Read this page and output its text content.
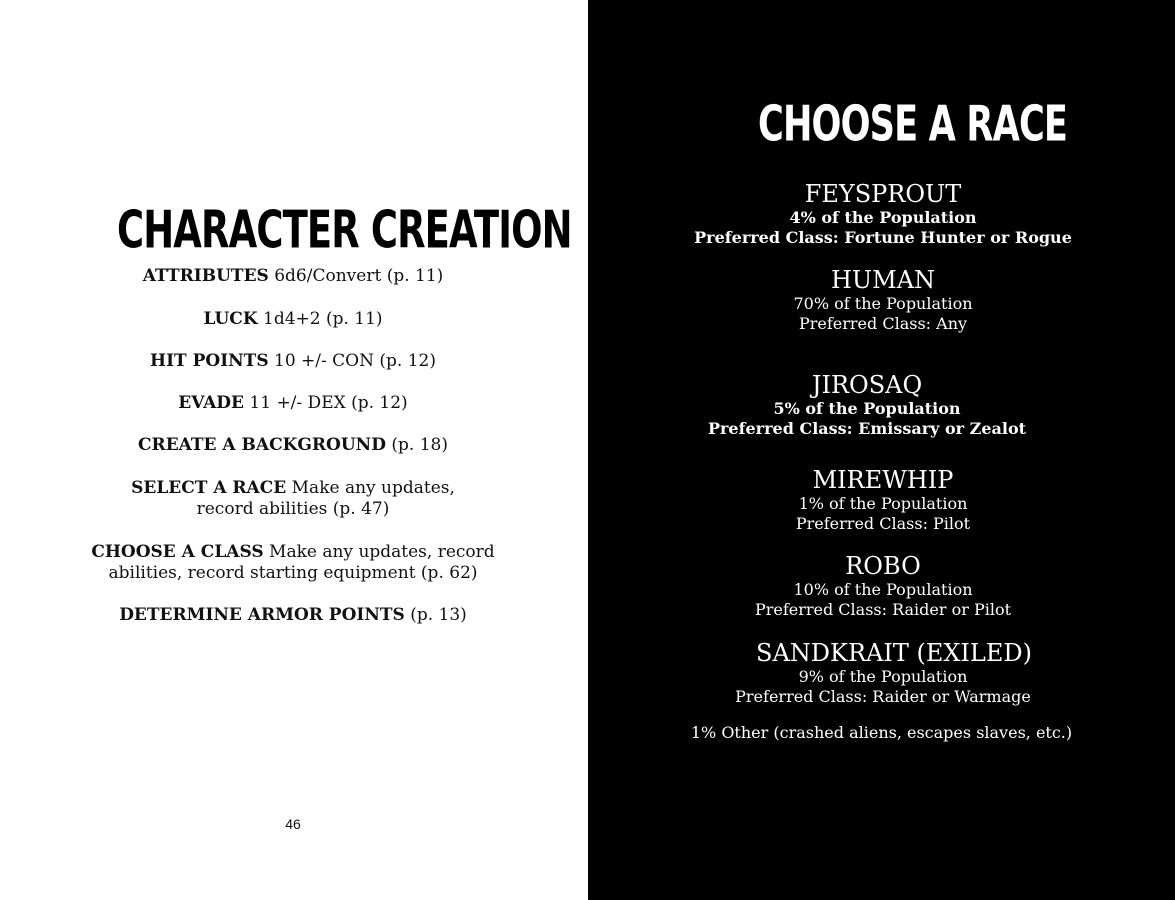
CHARACTER CREATION
ATTRIBUTES 6d6/Convert (p. 11)
LUCK 1d4+2 (p. 11)
HIT POINTS 10 +/- CON (p. 12)
EVADE 11 +/- DEX (p. 12)
CREATE A BACKGROUND (p. 18)
SELECT A RACE Make any updates, record abilities (p. 47)
CHOOSE A CLASS Make any updates, record abilities, record starting equipment (p. 62)
DETERMINE ARMOR POINTS (p. 13)
46
CHOOSE A RACE
FEYSPROUT
4% of the Population
Preferred Class: Fortune Hunter or Rogue
HUMAN
70% of the Population
Preferred Class: Any
JIROSAQ
5% of the Population
Preferred Class: Emissary or Zealot
MIREWHIP
1% of the Population
Preferred Class: Pilot
ROBO
10% of the Population
Preferred Class: Raider or Pilot
SANDKRAIT (EXILED)
9% of the Population
Preferred Class: Raider or Warmage
1% Other (crashed aliens, escapes slaves, etc.)
